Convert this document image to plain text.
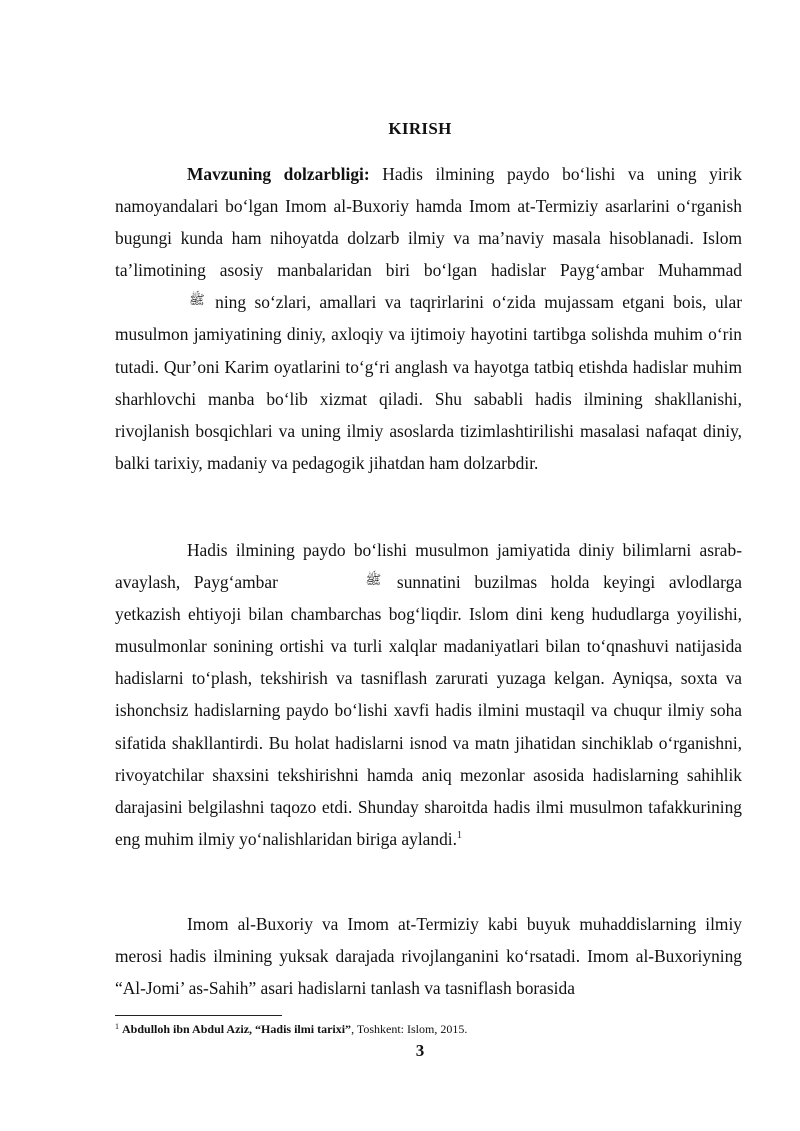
KIRISH

Mavzuning dolzarbligi: Hadis ilmining paydo bo‘lishi va uning yirik namoyandalari bo‘lgan Imom al-Buxoriy hamda Imom at-Termiziy asarlarini o‘rganish bugungi kunda ham nihoyatda dolzarb ilmiy va ma’naviy masala hisoblanadi. Islom ta’limotining asosiy manbalaridan biri bo‘lgan hadislar Payg‘ambar Muhammad ﷺ ning so‘zlari, amallari va taqrirlarini o‘zida mujassam etgani bois, ular musulmon jamiyatining diniy, axloqiy va ijtimoiy hayotini tartibga solishda muhim o‘rin tutadi. Qur’oni Karim oyatlarini to‘g‘ri anglash va hayotga tatbiq etishda hadislar muhim sharhlovchi manba bo‘lib xizmat qiladi. Shu sababli hadis ilmining shakllanishi, rivojlanish bosqichlari va uning ilmiy asoslarda tizimlashtirilishi masalasi nafaqat diniy, balki tarixiy, madaniy va pedagogik jihatdan ham dolzarbdir.

Hadis ilmining paydo bo‘lishi musulmon jamiyatida diniy bilimlarni asrab-avaylash, Payg‘ambar	ﷺ sunnatini buzilmas holda keyingi avlodlarga yetkazish ehtiyoji bilan chambarchas bog‘liqdir. Islom dini keng hududlarga yoyilishi, musulmonlar sonining ortishi va turli xalqlar madaniyatlari bilan to‘qnashuvi natijasida hadislarni to‘plash, tekshirish va tasniflash zarurati yuzaga kelgan. Ayniqsa, soxta va ishonchsiz hadislarning paydo bo‘lishi xavfi hadis ilmini mustaqil va chuqur ilmiy soha sifatida shakllantirdi. Bu holat hadislarni isnod va matn jihatidan sinchiklab o‘rganishni, rivoyatchilar shaxsini tekshirishni hamda aniq mezonlar asosida hadislarning sahihlik darajasini belgilashni taqozo etdi. Shunday sharoitda hadis ilmi musulmon tafakkurining eng muhim ilmiy yo‘nalishlaridan biriga aylandi.$^1$

Imom al-Buxoriy va Imom at-Termiziy kabi buyuk muhaddislarning ilmiy merosi hadis ilmining yuksak darajada rivojlanganini ko‘rsatadi. Imom al-Buxoriyning “Al-Jomi’ as-Sahih” asari hadislarni tanlash va tasniflash borasida

$^1$ Abdulloh ibn Abdul Aziz, “Hadis ilmi tarixi”, Toshkent: Islom, 2015.
3
